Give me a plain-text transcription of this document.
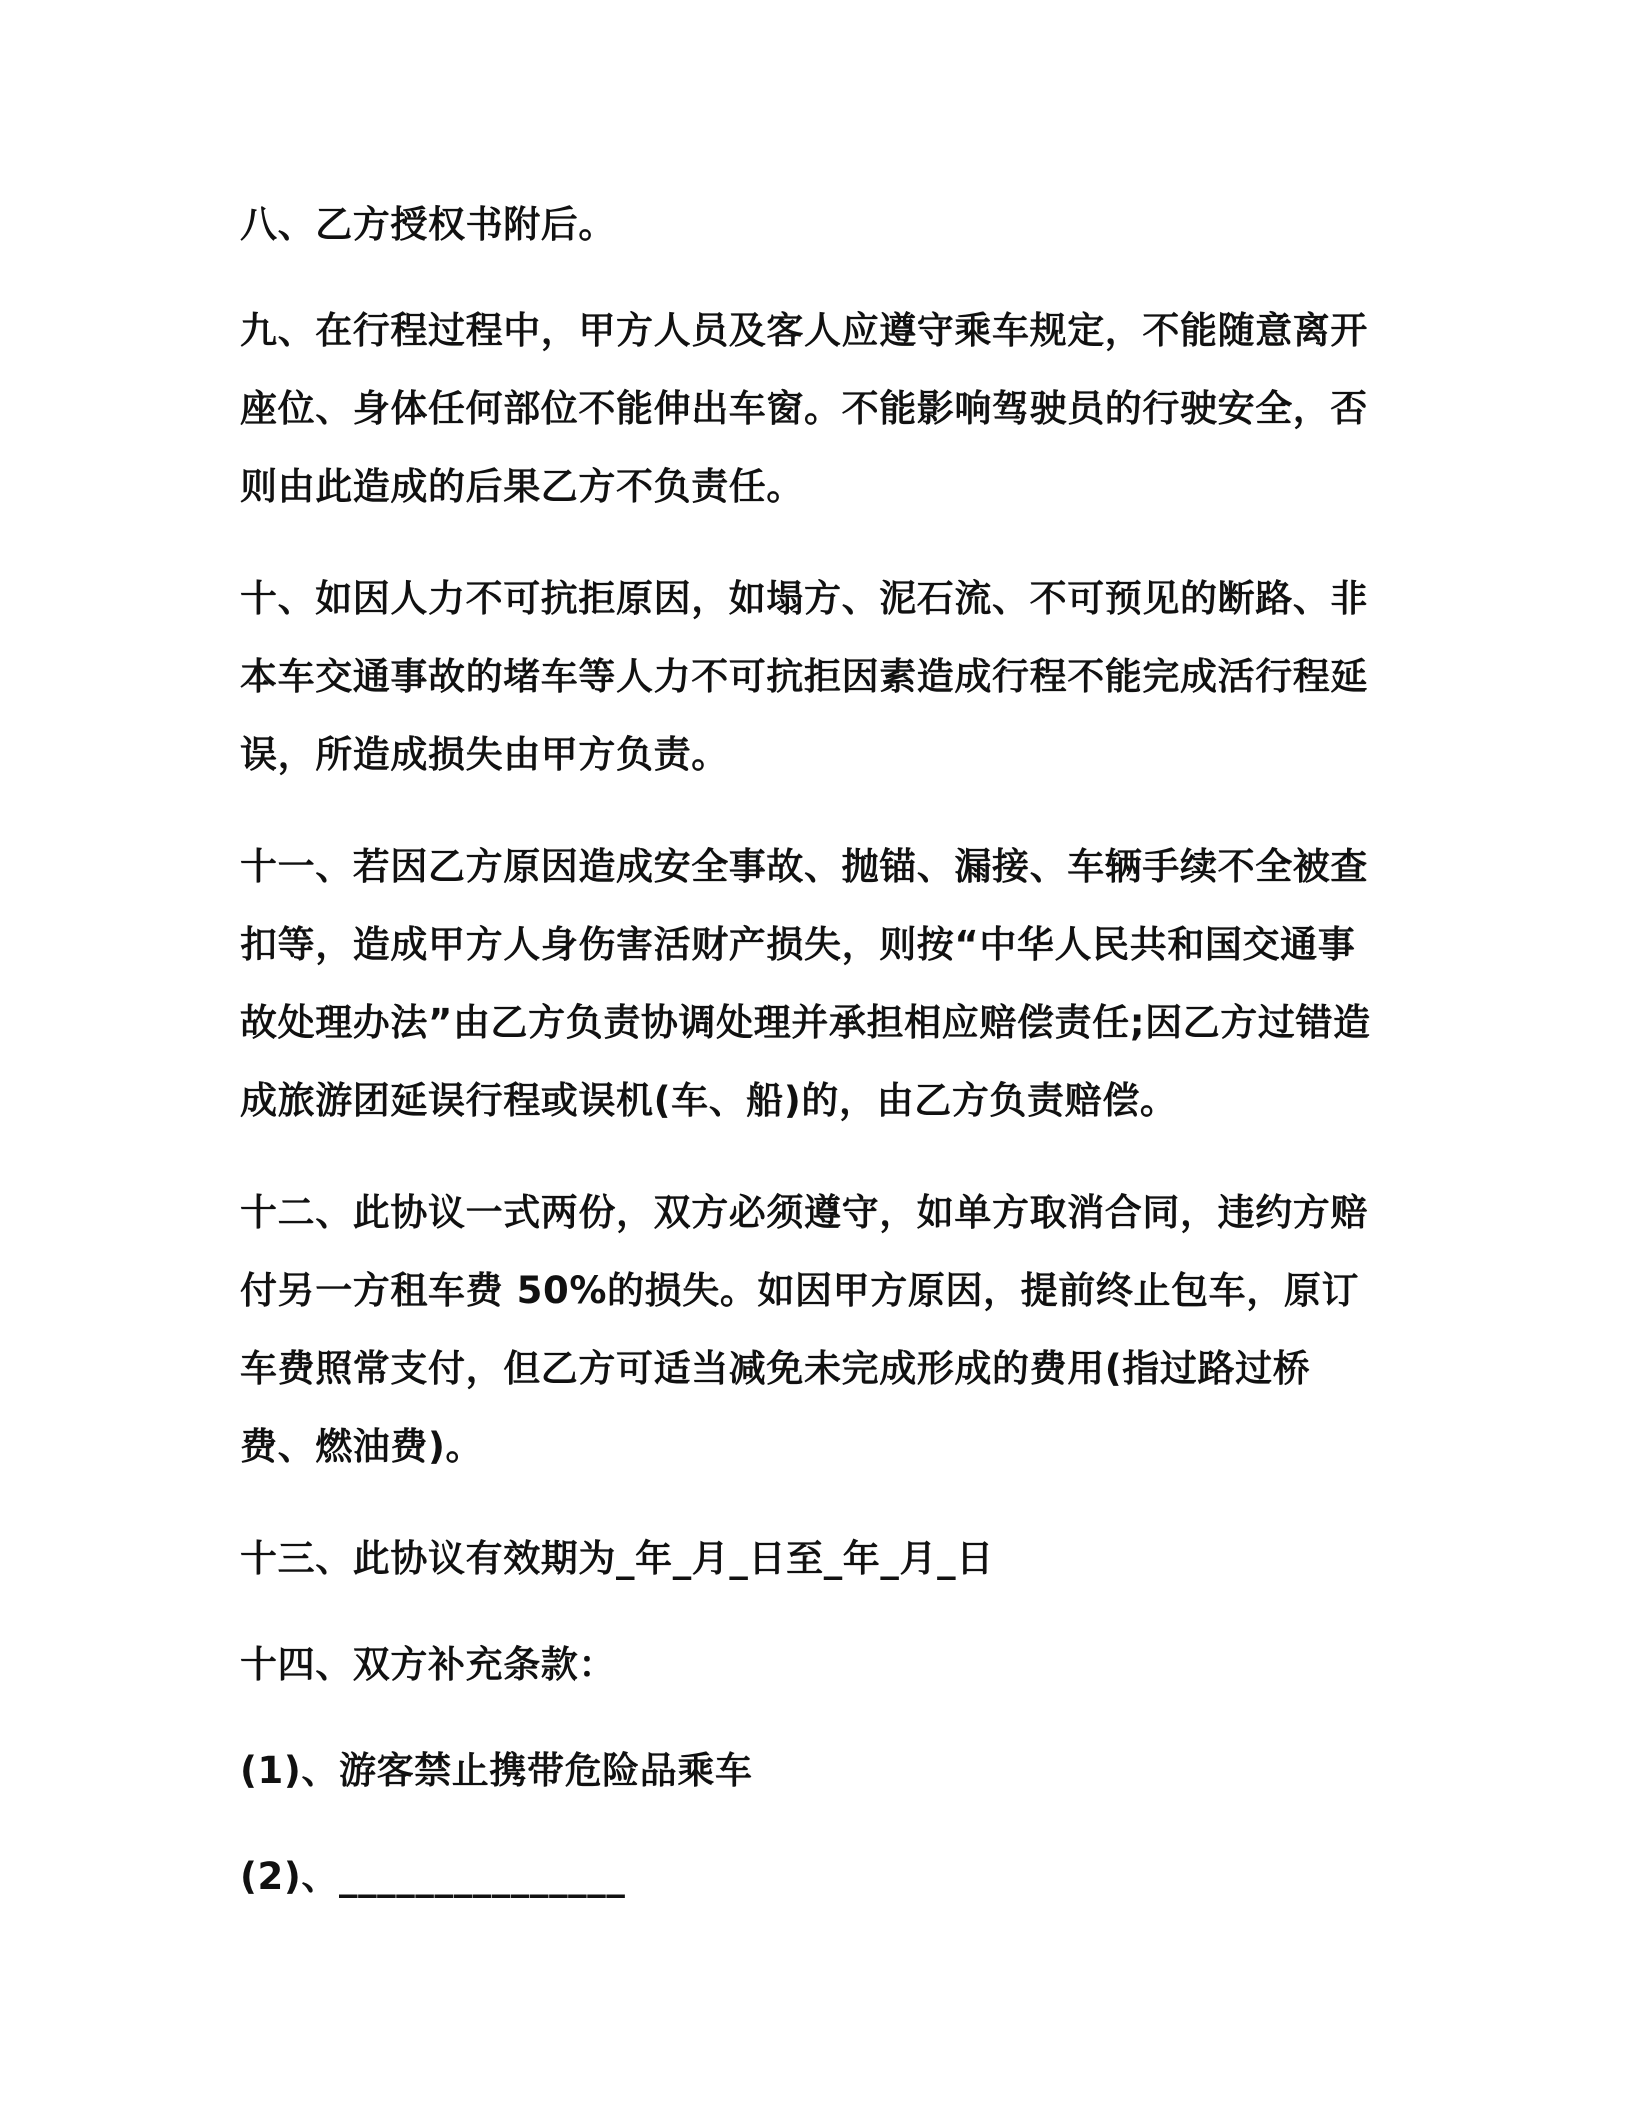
八、乙方授权书附后。

九、在行程过程中，甲方人员及客人应遵守乘车规定，不能随意离开座位、身体任何部位不能伸出车窗。不能影响驾驶员的行驶安全，否则由此造成的后果乙方不负责任。

十、如因人力不可抗拒原因，如塌方、泥石流、不可预见的断路、非本车交通事故的堵车等人力不可抗拒因素造成行程不能完成活行程延误，所造成损失由甲方负责。

十一、若因乙方原因造成安全事故、抛锚、漏接、车辆手续不全被查扣等，造成甲方人身伤害活财产损失，则按“中华人民共和国交通事故处理办法”由乙方负责协调处理并承担相应赔偿责任;因乙方过错造成旅游团延误行程或误机(车、船)的，由乙方负责赔偿。

十二、此协议一式两份，双方必须遵守，如单方取消合同，违约方赔付另一方租车费 50%的损失。如因甲方原因，提前终止包车，原订车费照常支付，但乙方可适当减免未完成形成的费用(指过路过桥费、燃油费)。

十三、此协议有效期为_年_月_日至_年_月_日

十四、双方补充条款：

(1)、游客禁止携带危险品乘车

(2)、_______________
